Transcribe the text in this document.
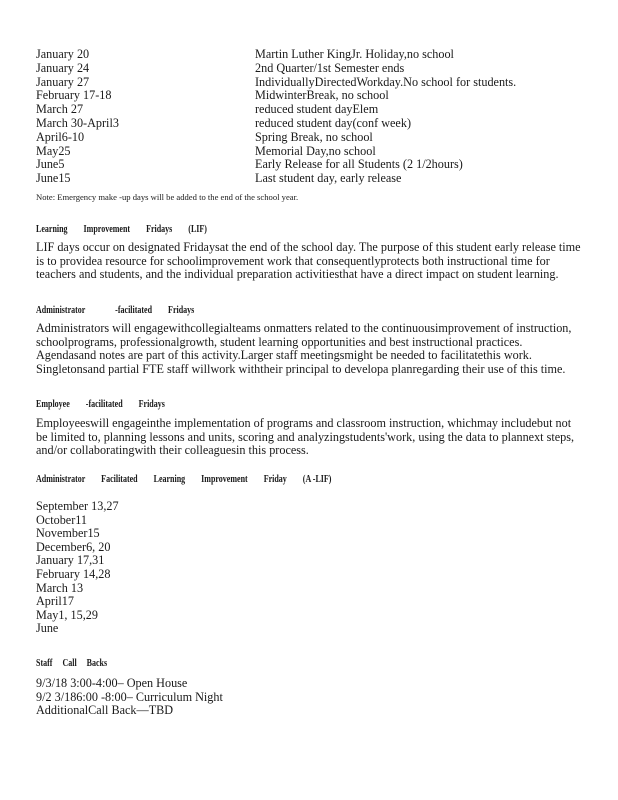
January 20	Martin Luther KingJr. Holiday,no school
January 24	2nd Quarter/1st Semester ends
January 27	IndividuallyDirectedWorkday.No school for students.
February 17-18	MidwinterBreak, no school
March 27	reduced student dayElem
March 30-April3	reduced student day(conf week)
April6-10	Spring Break, no school
May25	Memorial Day,no school
June5	Early Release for all Students (2 1/2hours)
June15	Last student day, early release
Note: Emergency make -up days will be added to the end of the school year.
Learning        Improvement        Fridays        (LIF)
LIF days occur on designated Fridaysat the end of the school day. The purpose of this student early release time is to providea resource for schoolimprovement work that consequentlyprotects both instructional time for teachers and students, and the individual preparation activitiesthat have a direct impact on student learning.
Administrator               -facilitated        Fridays
Administrators will engagewithcollegialteams onmatters related to the continuousimprovement of instruction, schoolprograms, professionalgrowth, student learning opportunities and best instructional practices. Agendasand notes are part of this activity.Larger staff meetingsmight be needed to facilitatethis work. Singletonsand partial FTE staff willwork withtheir principal to developa planregarding their use of this time.
Employee        -facilitated        Fridays
Employeeswill engageinthe implementation of programs and classroom instruction, whichmay includebut not be limited to, planning lessons and units, scoring and analyzingstudents'work, using the data to plannext steps, and/or collaboratingwith their colleaguesin this process.
Administrator        Facilitated        Learning        Improvement        Friday        (A -LIF)
September 13,27
October11
November15
December6, 20
January 17,31
February 14,28
March 13
April17
May1, 15,29
June
Staff     Call     Backs
9/3/18 3:00-4:00– Open House
9/2 3/186:00 -8:00– Curriculum Night
AdditionalCall Back—TBD
